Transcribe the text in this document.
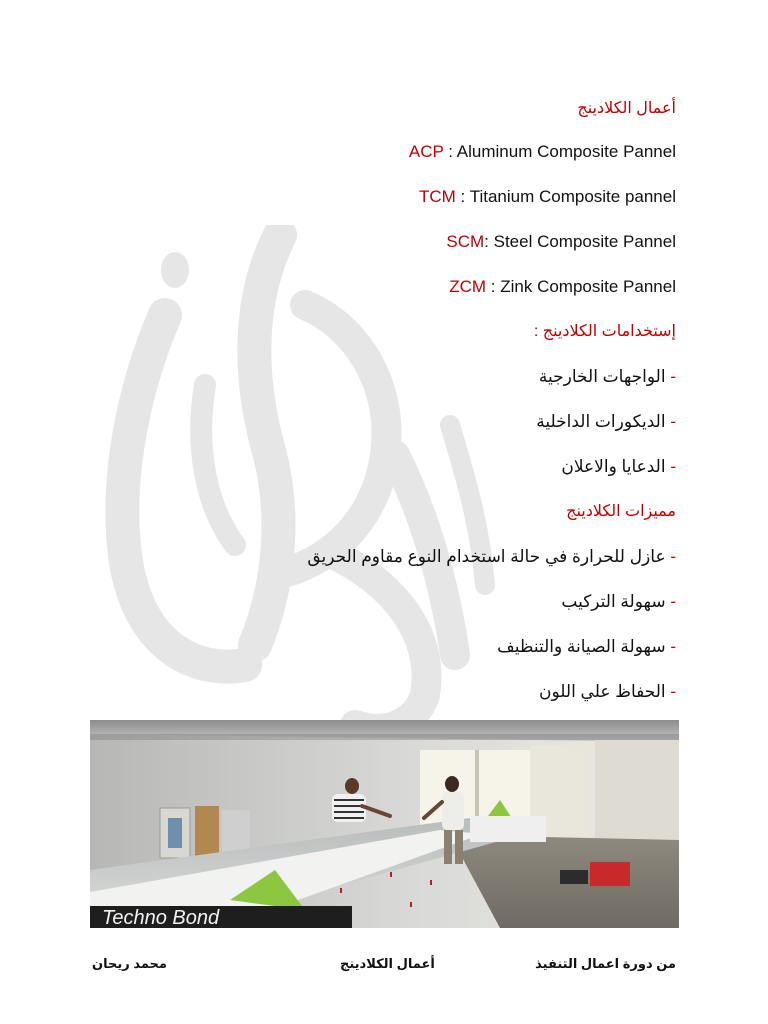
أعمال الكلادينج
ACP : Aluminum Composite Pannel
TCM : Titanium Composite pannel
SCM: Steel Composite Pannel
ZCM : Zink Composite Pannel
إستخدامات الكلادينج :
- الواجهات الخارجية
- الديكورات الداخلية
- الدعايا والاعلان
مميزات الكلادينج
- عازل للحرارة في حالة استخدام النوع مقاوم الحريق
- سهولة التركيب
- سهولة الصيانة والتنظيف
- الحفاظ علي اللون
Techno Bond
محمد ريحان	أعمال الكلادينج	من دورة اعمال التنفيذ
